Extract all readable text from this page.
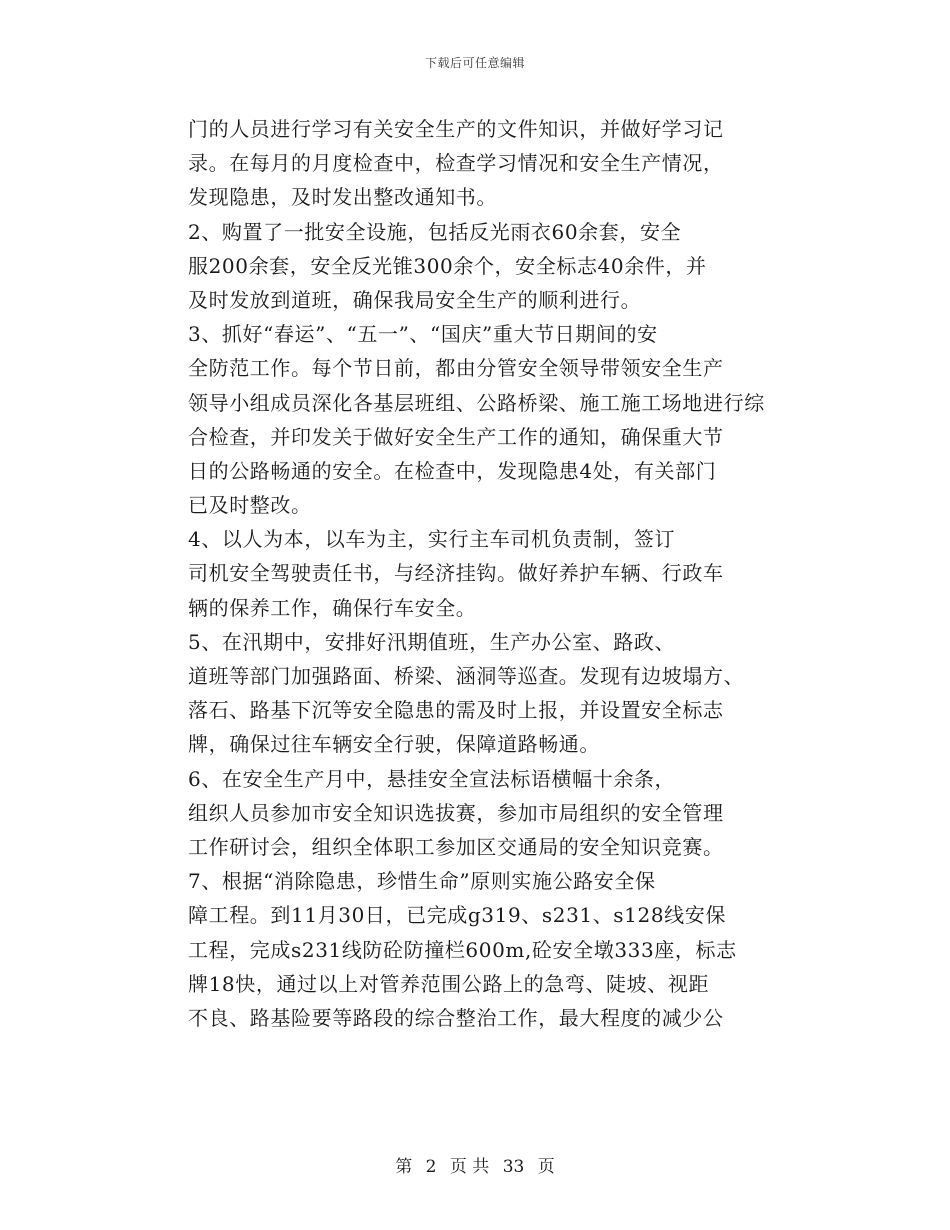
下载后可任意编辑
门的人员进行学习有关安全生产的文件知识，并做好学习记
录。在每月的月度检查中，检查学习情况和安全生产情况，
发现隐患，及时发出整改通知书。
2、购置了一批安全设施，包括反光雨衣60余套，安全
服200余套，安全反光锥300余个，安全标志40余件，并
及时发放到道班，确保我局安全生产的顺利进行。
3、抓好“春运”、“五一”、“国庆”重大节日期间的安
全防范工作。每个节日前，都由分管安全领导带领安全生产
领导小组成员深化各基层班组、公路桥梁、施工施工场地进行综
合检查，并印发关于做好安全生产工作的通知，确保重大节
日的公路畅通的安全。在检查中，发现隐患4处，有关部门
已及时整改。
4、以人为本，以车为主，实行主车司机负责制，签订
司机安全驾驶责任书，与经济挂钩。做好养护车辆、行政车
辆的保养工作，确保行车安全。
5、在汛期中，安排好汛期值班，生产办公室、路政、
道班等部门加强路面、桥梁、涵洞等巡查。发现有边坡塌方、
落石、路基下沉等安全隐患的需及时上报，并设置安全标志
牌，确保过往车辆安全行驶，保障道路畅通。
6、在安全生产月中，悬挂安全宣法标语横幅十余条，
组织人员参加市安全知识选拔赛，参加市局组织的安全管理
工作研讨会，组织全体职工参加区交通局的安全知识竞赛。
7、根据“消除隐患，珍惜生命”原则实施公路安全保
障工程。到11月30日，已完成g319、s231、s128线安保
工程，完成s231线防砼防撞栏600m,砼安全墩333座，标志
牌18快，通过以上对管养范围公路上的急弯、陡坡、视距
不良、路基险要等路段的综合整治工作，最大程度的减少公
第 2 页 共 33 页
